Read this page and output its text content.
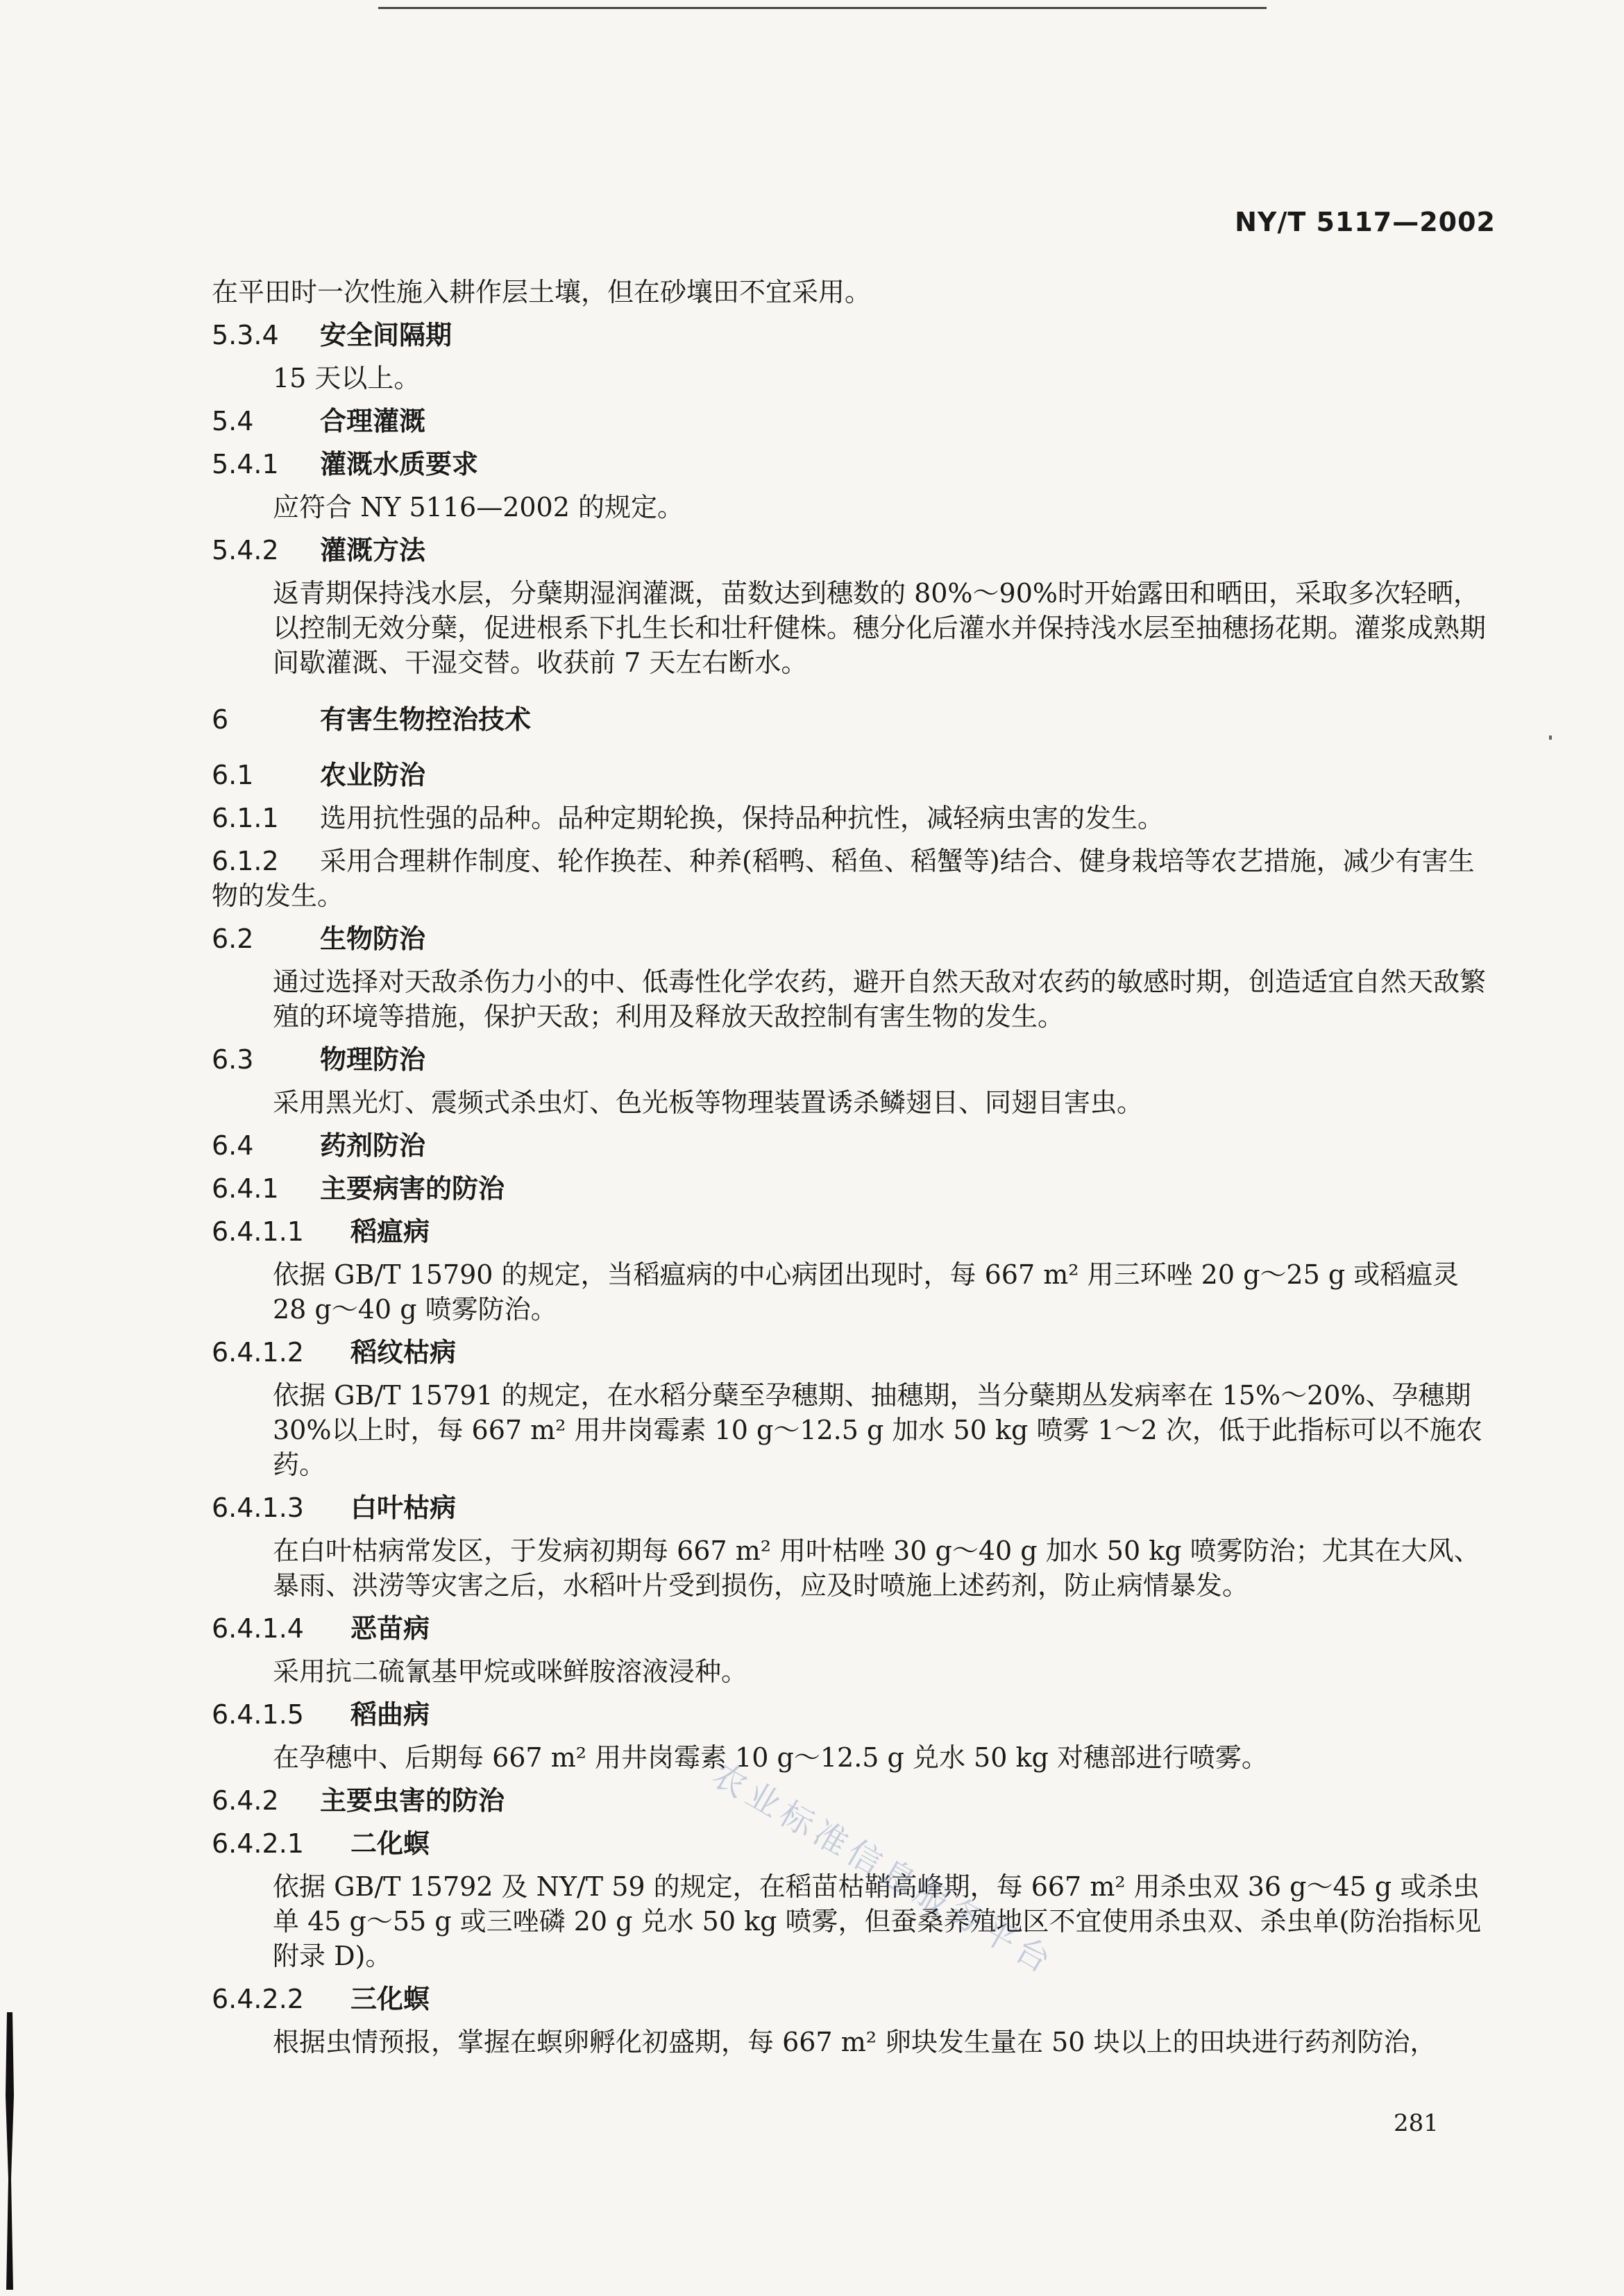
NY/T 5117—2002

在平田时一次性施入耕作层土壤，但在砂壤田不宜采用。

5.3.4 安全间隔期

15 天以上。

5.4	合理灌溉

5.4.1 灌溉水质要求

应符合 NY 5116—2002 的规定。

5.4.2 灌溉方法

返青期保持浅水层，分蘖期湿润灌溉，苗数达到穗数的 80%～90%时开始露田和晒田，采取多次轻晒，以控制无效分蘖，促进根系下扎生长和壮秆健株。穗分化后灌水并保持浅水层至抽穗扬花期。灌浆成熟期间歇灌溉、干湿交替。收获前 7 天左右断水。

6	有害生物控治技术

6.1	农业防治

6.1.1 选用抗性强的品种。品种定期轮换，保持品种抗性，减轻病虫害的发生。

6.1.2 采用合理耕作制度、轮作换茬、种养(稻鸭、稻鱼、稻蟹等)结合、健身栽培等农艺措施，减少有害生物的发生。

6.2	生物防治

通过选择对天敌杀伤力小的中、低毒性化学农药，避开自然天敌对农药的敏感时期，创造适宜自然天敌繁殖的环境等措施，保护天敌；利用及释放天敌控制有害生物的发生。

6.3	物理防治

采用黑光灯、震频式杀虫灯、色光板等物理装置诱杀鳞翅目、同翅目害虫。

6.4	药剂防治

6.4.1 主要病害的防治

6.4.1.1 稻瘟病

依据 GB/T 15790 的规定，当稻瘟病的中心病团出现时，每 667 m² 用三环唑 20 g～25 g 或稻瘟灵 28 g～40 g 喷雾防治。

6.4.1.2 稻纹枯病

依据 GB/T 15791 的规定，在水稻分蘖至孕穗期、抽穗期，当分蘖期丛发病率在 15%～20%、孕穗期 30%以上时，每 667 m² 用井岗霉素 10 g～12.5 g 加水 50 kg 喷雾 1～2 次，低于此指标可以不施农药。

6.4.1.3 白叶枯病

在白叶枯病常发区，于发病初期每 667 m² 用叶枯唑 30 g～40 g 加水 50 kg 喷雾防治；尤其在大风、暴雨、洪涝等灾害之后，水稻叶片受到损伤，应及时喷施上述药剂，防止病情暴发。

6.4.1.4 恶苗病

采用抗二硫氰基甲烷或咪鲜胺溶液浸种。

6.4.1.5 稻曲病

在孕穗中、后期每 667 m² 用井岗霉素 10 g～12.5 g 兑水 50 kg 对穗部进行喷雾。

6.4.2 主要虫害的防治

6.4.2.1 二化螟

依据 GB/T 15792 及 NY/T 59 的规定，在稻苗枯鞘高峰期，每 667 m² 用杀虫双 36 g～45 g 或杀虫单 45 g～55 g 或三唑磷 20 g 兑水 50 kg 喷雾，但蚕桑养殖地区不宜使用杀虫双、杀虫单(防治指标见附录 D)。

6.4.2.2 三化螟

根据虫情预报，掌握在螟卵孵化初盛期，每 667 m² 卵块发生量在 50 块以上的田块进行药剂防治，

农业标准信息服务平台
281
